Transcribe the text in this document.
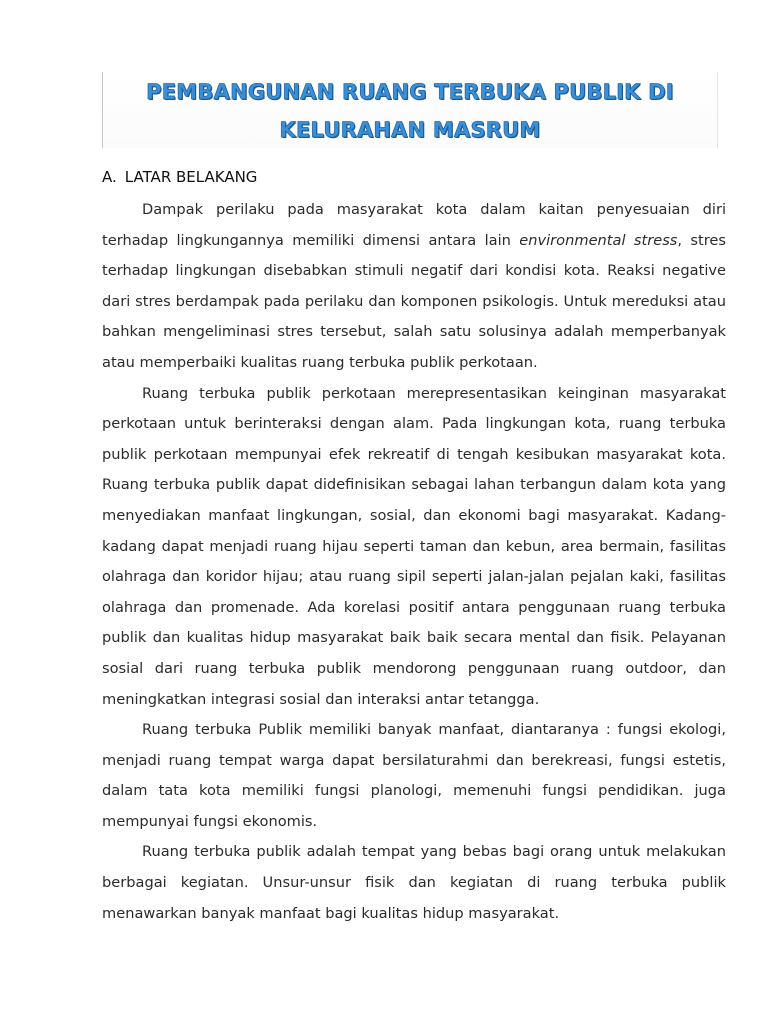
PEMBANGUNAN RUANG TERBUKA PUBLIK DI
KELURAHAN MASRUM
A. LATAR BELAKANG

Dampak perilaku pada masyarakat kota dalam kaitan penyesuaian diri terhadap lingkungannya memiliki dimensi antara lain environmental stress, stres terhadap lingkungan disebabkan stimuli negatif dari kondisi kota. Reaksi negative dari stres berdampak pada perilaku dan komponen psikologis. Untuk mereduksi atau bahkan mengeliminasi stres tersebut, salah satu solusinya adalah memperbanyak atau memperbaiki kualitas ruang terbuka publik perkotaan.

Ruang terbuka publik perkotaan merepresentasikan keinginan masyarakat perkotaan untuk berinteraksi dengan alam. Pada lingkungan kota, ruang terbuka publik perkotaan mempunyai efek rekreatif di tengah kesibukan masyarakat kota. Ruang terbuka publik dapat didefinisikan sebagai lahan terbangun dalam kota yang menyediakan manfaat lingkungan, sosial, dan ekonomi bagi masyarakat. Kadang-kadang dapat menjadi ruang hijau seperti taman dan kebun, area bermain, fasilitas olahraga dan koridor hijau; atau ruang sipil seperti jalan-jalan pejalan kaki, fasilitas olahraga dan promenade. Ada korelasi positif antara penggunaan ruang terbuka publik dan kualitas hidup masyarakat baik baik secara mental dan fisik. Pelayanan sosial dari ruang terbuka publik mendorong penggunaan ruang outdoor, dan meningkatkan integrasi sosial dan interaksi antar tetangga.

Ruang terbuka Publik memiliki banyak manfaat, diantaranya : fungsi ekologi, menjadi ruang tempat warga dapat bersilaturahmi dan berekreasi, fungsi estetis, dalam tata kota memiliki fungsi planologi, memenuhi fungsi pendidikan. juga mempunyai fungsi ekonomis.

Ruang terbuka publik adalah tempat yang bebas bagi orang untuk melakukan berbagai kegiatan. Unsur-unsur fisik dan kegiatan di ruang terbuka publik menawarkan banyak manfaat bagi kualitas hidup masyarakat.
